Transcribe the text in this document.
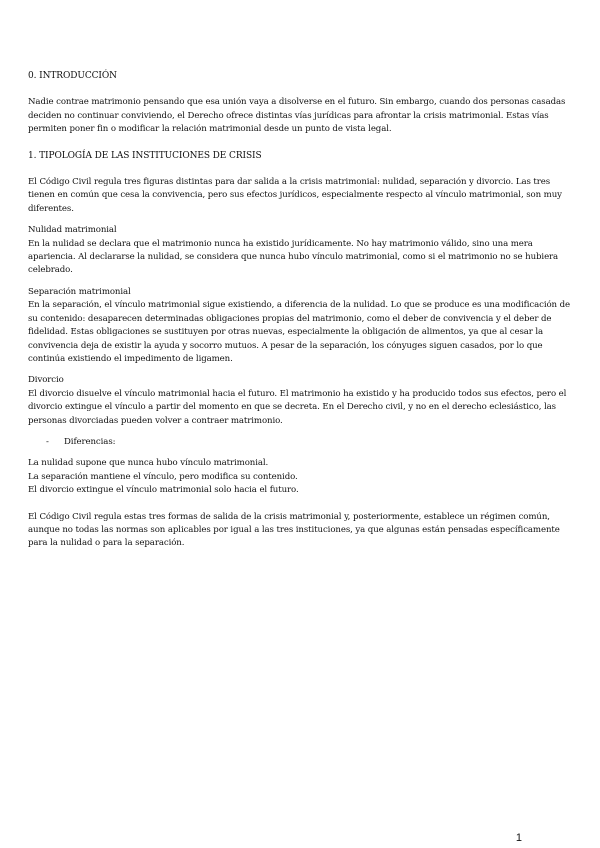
0. INTRODUCCIÓN

Nadie contrae matrimonio pensando que esa unión vaya a disolverse en el futuro. Sin embargo, cuando dos personas casadas deciden no continuar conviviendo, el Derecho ofrece distintas vías jurídicas para afrontar la crisis matrimonial. Estas vías permiten poner fin o modificar la relación matrimonial desde un punto de vista legal.

1. TIPOLOGÍA DE LAS INSTITUCIONES DE CRISIS

El Código Civil regula tres figuras distintas para dar salida a la crisis matrimonial: nulidad, separación y divorcio. Las tres tienen en común que cesa la convivencia, pero sus efectos jurídicos, especialmente respecto al vínculo matrimonial, son muy diferentes.

Nulidad matrimonial

En la nulidad se declara que el matrimonio nunca ha existido jurídicamente. No hay matrimonio válido, sino una mera apariencia. Al declararse la nulidad, se considera que nunca hubo vínculo matrimonial, como si el matrimonio no se hubiera celebrado.

Separación matrimonial

En la separación, el vínculo matrimonial sigue existiendo, a diferencia de la nulidad. Lo que se produce es una modificación de su contenido: desaparecen determinadas obligaciones propias del matrimonio, como el deber de convivencia y el deber de fidelidad. Estas obligaciones se sustituyen por otras nuevas, especialmente la obligación de alimentos, ya que al cesar la convivencia deja de existir la ayuda y socorro mutuos. A pesar de la separación, los cónyuges siguen casados, por lo que continúa existiendo el impedimento de ligamen.

Divorcio

El divorcio disuelve el vínculo matrimonial hacia el futuro. El matrimonio ha existido y ha producido todos sus efectos, pero el divorcio extingue el vínculo a partir del momento en que se decreta. En el Derecho civil, y no en el derecho eclesiástico, las personas divorciadas pueden volver a contraer matrimonio.

-	Diferencias:

La nulidad supone que nunca hubo vínculo matrimonial.

La separación mantiene el vínculo, pero modifica su contenido.

El divorcio extingue el vínculo matrimonial solo hacia el futuro.

El Código Civil regula estas tres formas de salida de la crisis matrimonial y, posteriormente, establece un régimen común, aunque no todas las normas son aplicables por igual a las tres instituciones, ya que algunas están pensadas específicamente para la nulidad o para la separación.

1
